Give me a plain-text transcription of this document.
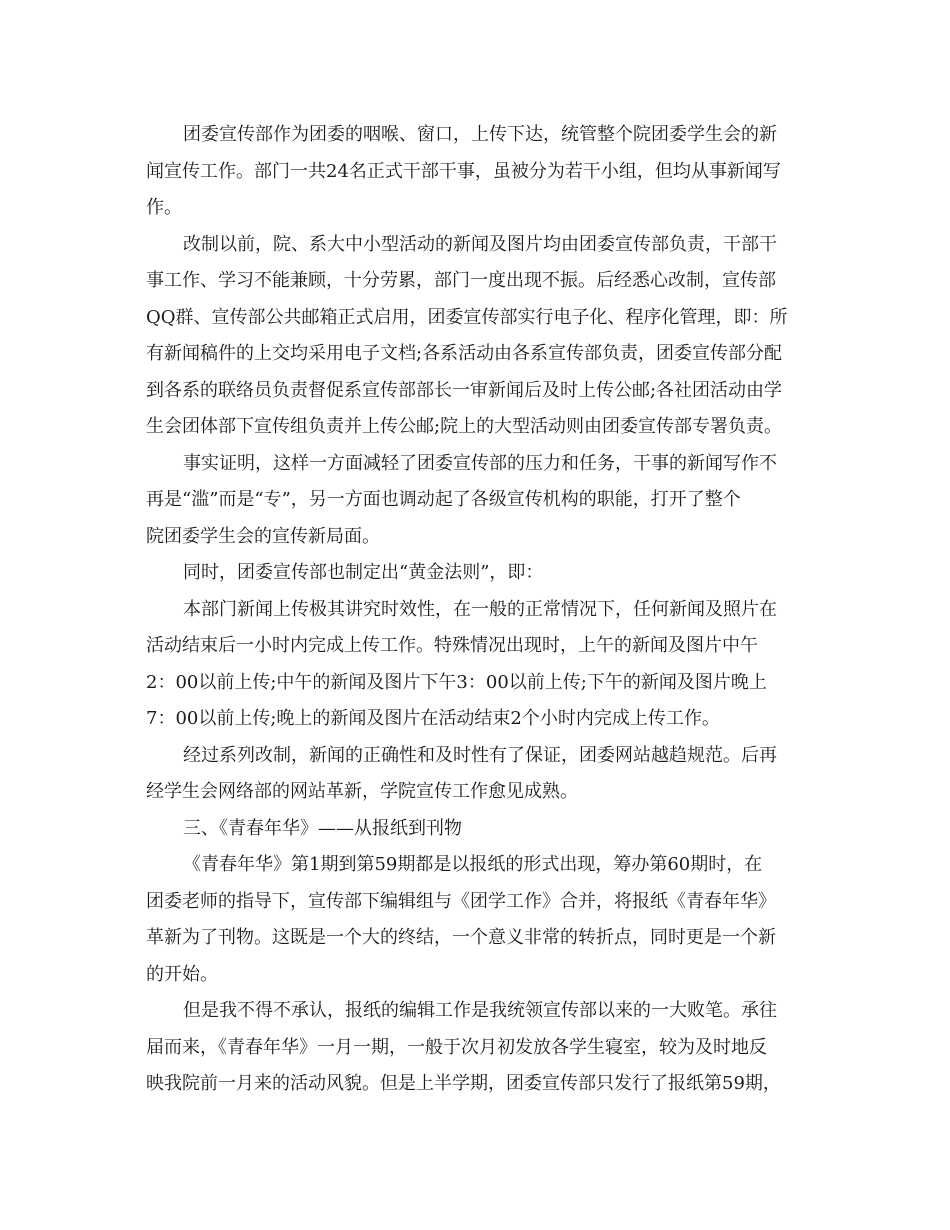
团委宣传部作为团委的咽喉、窗口，上传下达，统管整个院团委学生会的新
闻宣传工作。部门一共24名正式干部干事，虽被分为若干小组，但均从事新闻写
作。
改制以前，院、系大中小型活动的新闻及图片均由团委宣传部负责，干部干
事工作、学习不能兼顾，十分劳累，部门一度出现不振。后经悉心改制，宣传部
QQ群、宣传部公共邮箱正式启用，团委宣传部实行电子化、程序化管理，即：所
有新闻稿件的上交均采用电子文档;各系活动由各系宣传部负责，团委宣传部分配
到各系的联络员负责督促系宣传部部长一审新闻后及时上传公邮;各社团活动由学
生会团体部下宣传组负责并上传公邮;院上的大型活动则由团委宣传部专署负责。
事实证明，这样一方面减轻了团委宣传部的压力和任务，干事的新闻写作不
再是“滥”而是“专”，另一方面也调动起了各级宣传机构的职能，打开了整个
院团委学生会的宣传新局面。
同时，团委宣传部也制定出“黄金法则”，即：
本部门新闻上传极其讲究时效性，在一般的正常情况下，任何新闻及照片在
活动结束后一小时内完成上传工作。特殊情况出现时，上午的新闻及图片中午
2：00以前上传;中午的新闻及图片下午3：00以前上传;下午的新闻及图片晚上
7：00以前上传;晚上的新闻及图片在活动结束2个小时内完成上传工作。
经过系列改制，新闻的正确性和及时性有了保证，团委网站越趋规范。后再
经学生会网络部的网站革新，学院宣传工作愈见成熟。
三、《青春年华》——从报纸到刊物
《青春年华》第1期到第59期都是以报纸的形式出现，筹办第60期时，在
团委老师的指导下，宣传部下编辑组与《团学工作》合并，将报纸《青春年华》
革新为了刊物。这既是一个大的终结，一个意义非常的转折点，同时更是一个新
的开始。
但是我不得不承认，报纸的编辑工作是我统领宣传部以来的一大败笔。承往
届而来，《青春年华》一月一期，一般于次月初发放各学生寝室，较为及时地反
映我院前一月来的活动风貌。但是上半学期，团委宣传部只发行了报纸第59期，
